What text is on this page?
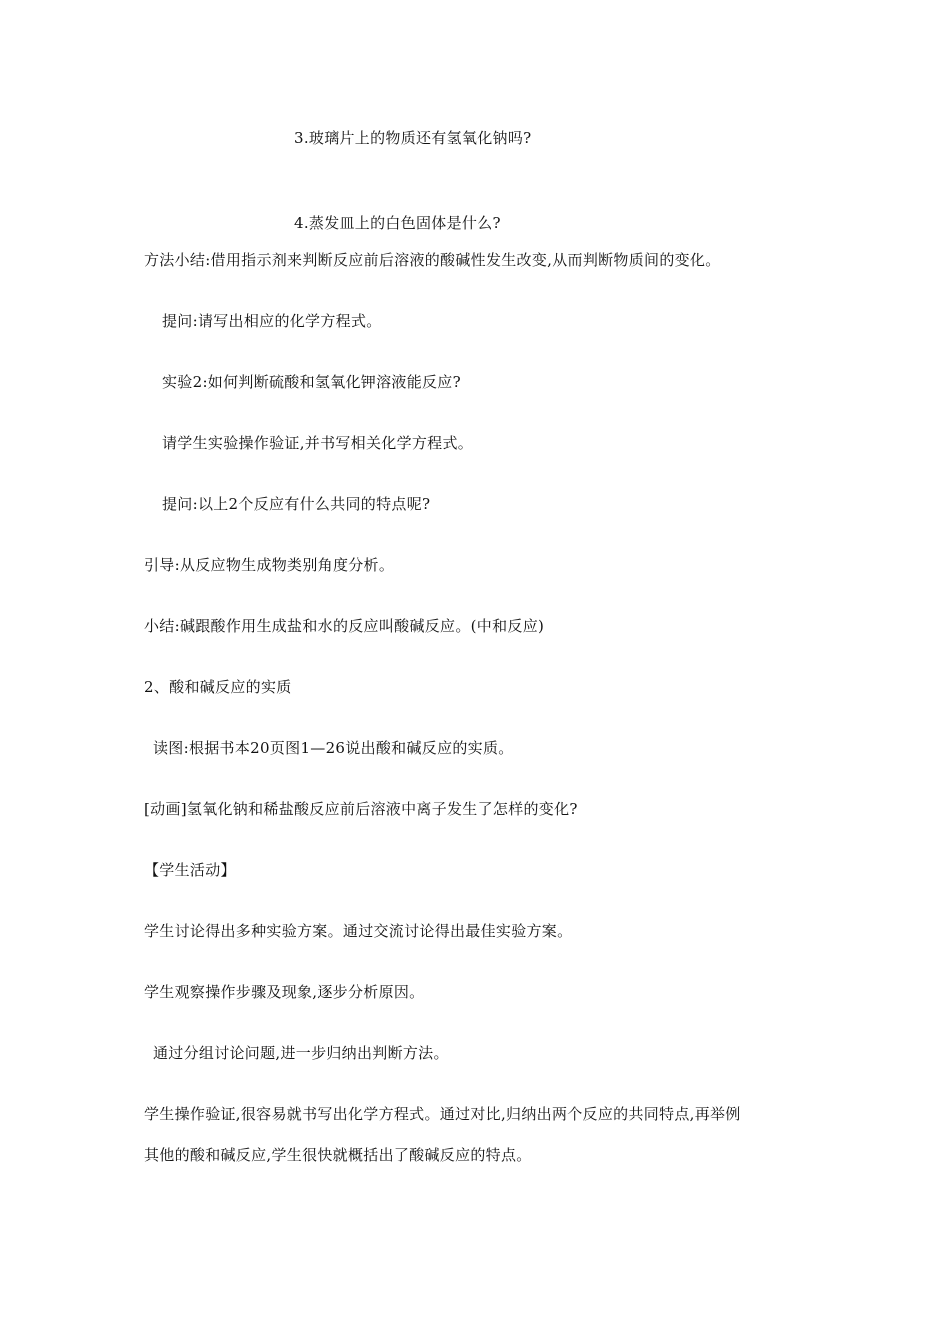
3.玻璃片上的物质还有氢氧化钠吗?
4.蒸发皿上的白色固体是什么?
方法小结:借用指示剂来判断反应前后溶液的酸碱性发生改变,从而判断物质间的变化。
提问:请写出相应的化学方程式。
实验2:如何判断硫酸和氢氧化钾溶液能反应?
请学生实验操作验证,并书写相关化学方程式。
提问:以上2个反应有什么共同的特点呢?
引导:从反应物生成物类别角度分析。
小结:碱跟酸作用生成盐和水的反应叫酸碱反应。(中和反应)
2、酸和碱反应的实质
读图:根据书本20页图1—26说出酸和碱反应的实质。
[动画]氢氧化钠和稀盐酸反应前后溶液中离子发生了怎样的变化?
【学生活动】
学生讨论得出多种实验方案。通过交流讨论得出最佳实验方案。
学生观察操作步骤及现象,逐步分析原因。
通过分组讨论问题,进一步归纳出判断方法。
学生操作验证,很容易就书写出化学方程式。通过对比,归纳出两个反应的共同特点,再举例
其他的酸和碱反应,学生很快就概括出了酸碱反应的特点。
